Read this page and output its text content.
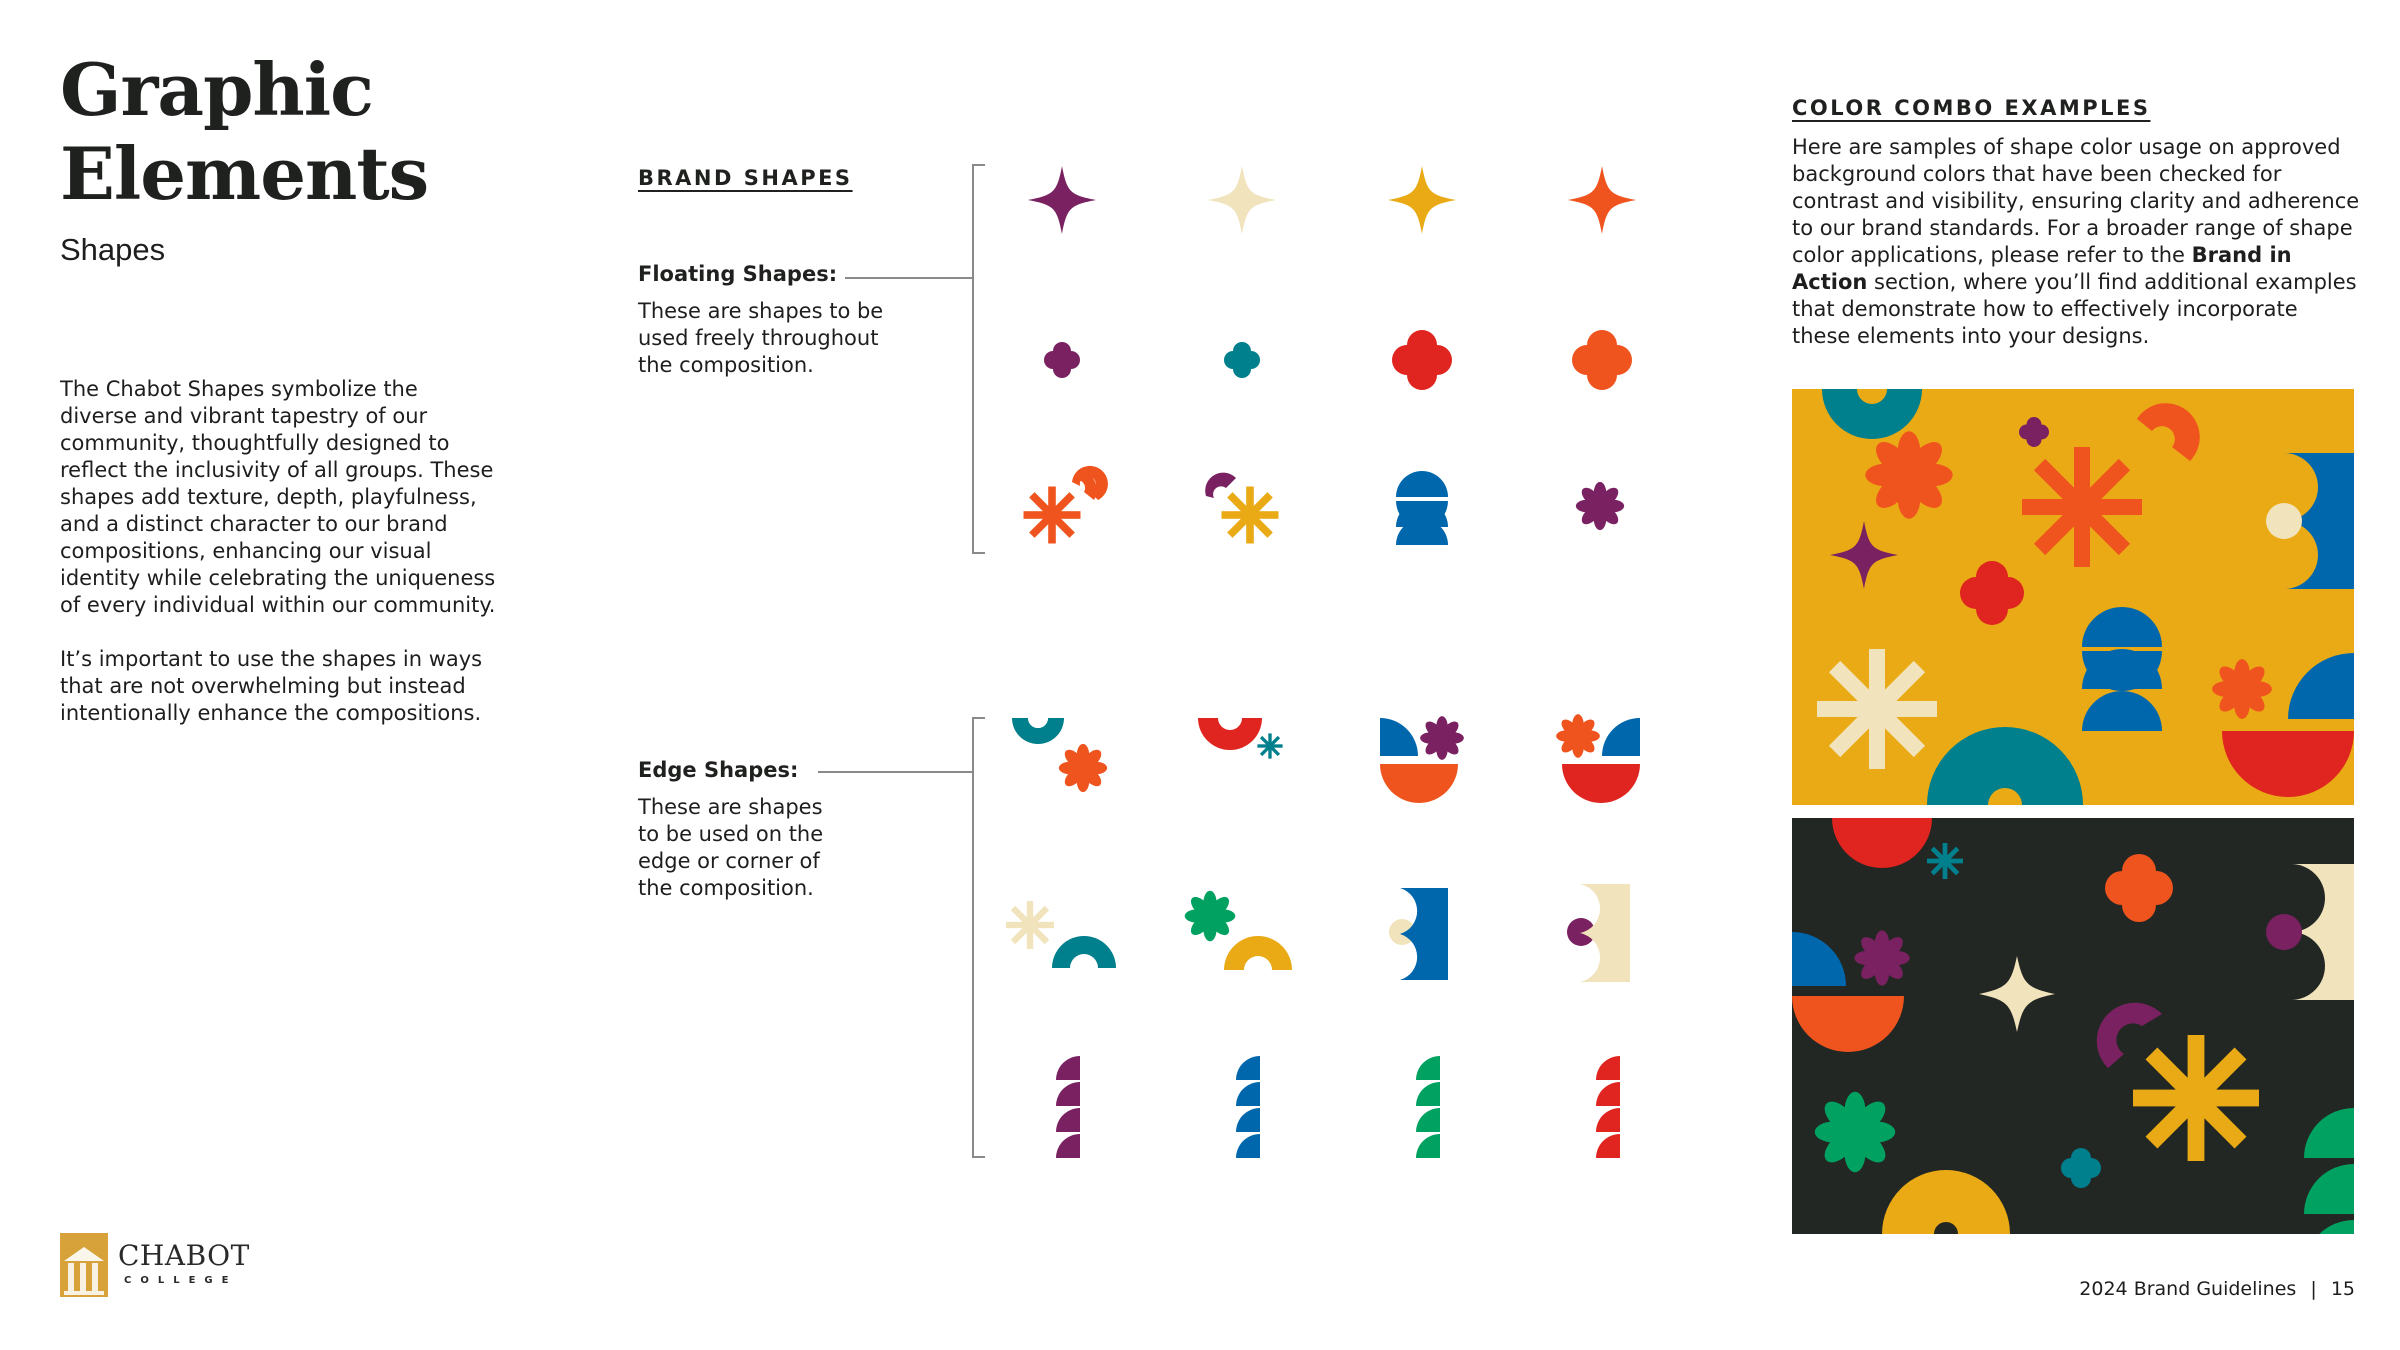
Graphic
Elements
Shapes

The Chabot Shapes symbolize the diverse and vibrant tapestry of our community, thoughtfully designed to reflect the inclusivity of all groups. These shapes add texture, depth, playfulness, and a distinct character to our brand compositions, enhancing our visual identity while celebrating the uniqueness of every individual within our community.

It’s important to use the shapes in ways that are not overwhelming but instead intentionally enhance the compositions.

BRAND SHAPES
Floating Shapes:
These are shapes to be used freely throughout the composition.
Edge Shapes:
These are shapes to be used on the edge or corner of the composition.
COLOR COMBO EXAMPLES
Here are samples of shape color usage on approved background colors that have been checked for contrast and visibility, ensuring clarity and adherence to our brand standards. For a broader range of shape color applications, please refer to the Brand in
Action section, where you’ll find additional examples that demonstrate how to effectively incorporate these elements into your designs.
CHABOT
COLLEGE	2024 Brand Guidelines | 15
